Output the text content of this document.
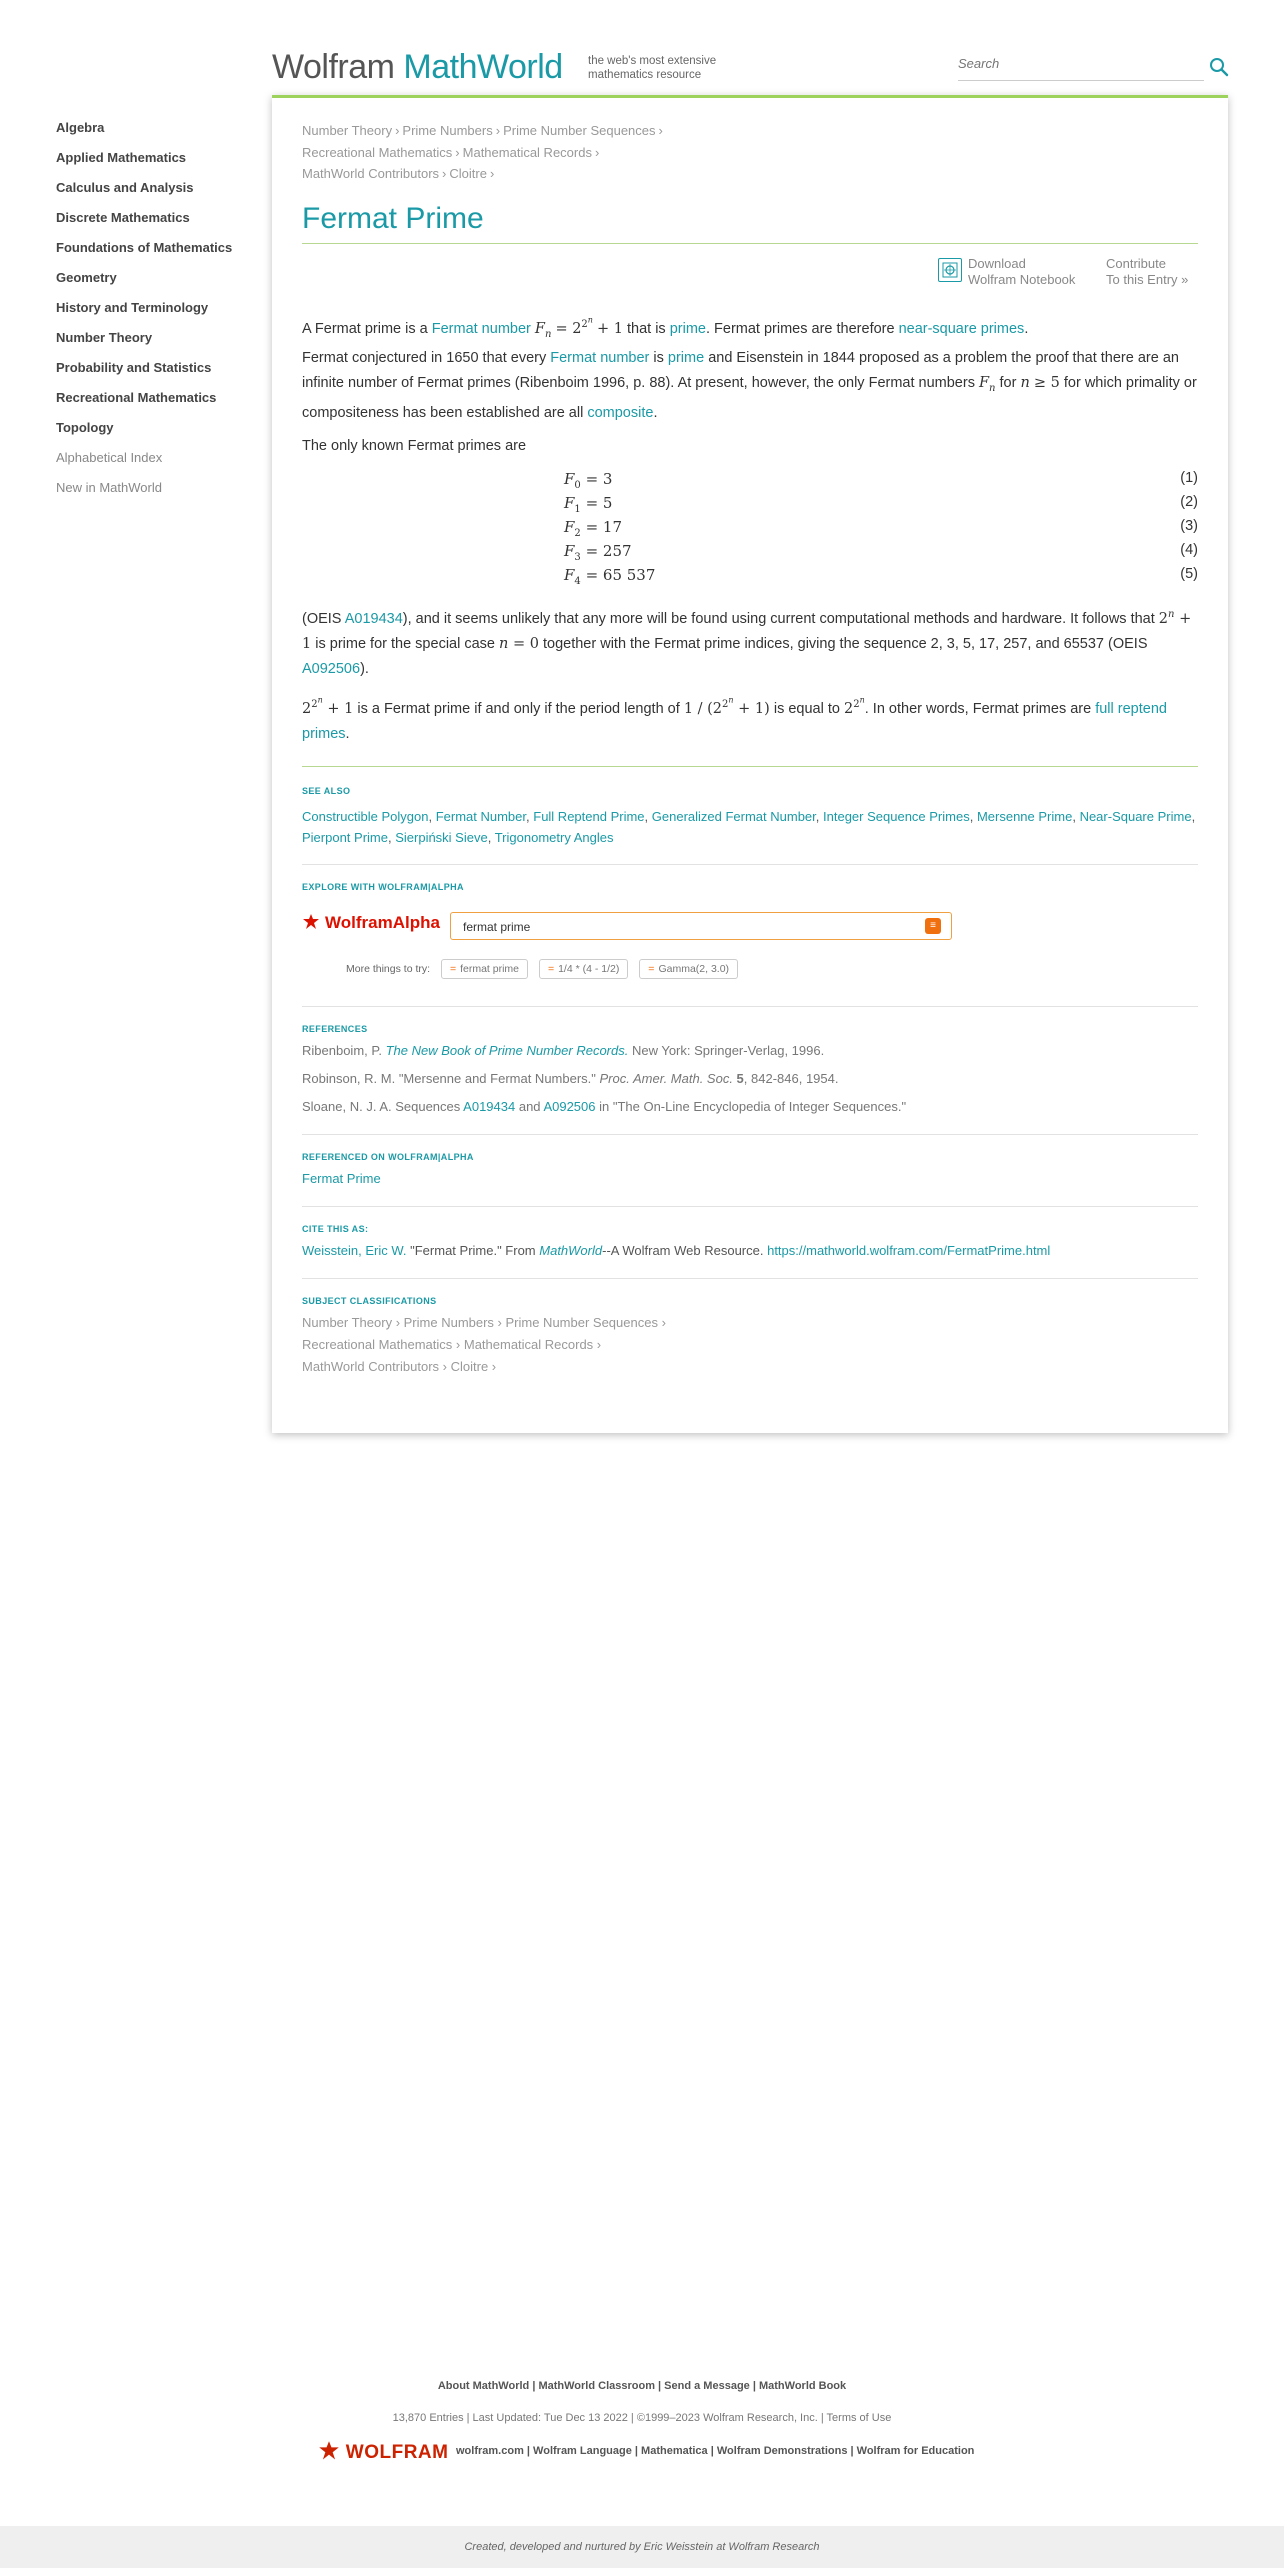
Wolfram MathWorld the web's most extensive mathematics resource
Search
Algebra
Applied Mathematics
Calculus and Analysis
Discrete Mathematics
Foundations of Mathematics
Geometry
History and Terminology
Number Theory
Probability and Statistics
Recreational Mathematics
Topology
Alphabetical Index
New in MathWorld
Number Theory › Prime Numbers › Prime Number Sequences ›
Recreational Mathematics › Mathematical Records ›
MathWorld Contributors › Cloitre ›
Fermat Prime
Download
Wolfram Notebook
Contribute
To this Entry »
A Fermat prime is a Fermat number $F_n = 2^{2^n} + 1$ that is prime. Fermat primes are therefore near-square primes.
Fermat conjectured in 1650 that every Fermat number is prime and Eisenstein in 1844 proposed as a problem the proof that there are an infinite number of Fermat primes (Ribenboim 1996, p. 88). At present, however, the only Fermat numbers $F_n$ for n ≥ 5 for which primality or compositeness has been established are all composite.
The only known Fermat primes are
$F_0 = 3$	(1)
$F_1 = 5$	(2)
$F_2 = 17$	(3)
$F_3 = 257$	(4)
$F_4 = 65$ 537	(5)
(OEIS A019434), and it seems unlikely that any more will be found using current computational methods and hardware. It follows that $2^n + 1$ is prime for the special case n = 0 together with the Fermat prime indices, giving the sequence 2, 3, 5, 17, 257, and 65537 (OEIS A092506).
$2^{2^n} + 1$ is a Fermat prime if and only if the period length of $1 / (2^{2^n} + 1)$ is equal to $2^{2^n}$. In other words, Fermat primes are full reptend primes.
SEE ALSO
Constructible Polygon, Fermat Number, Full Reptend Prime, Generalized Fermat Number, Integer Sequence Primes, Mersenne Prime, Near-Square Prime, Pierpont Prime, Sierpiński Sieve, Trigonometry Angles
EXPLORE WITH WOLFRAM|ALPHA
WolframAlpha
fermat prime	≡
More things to try: = fermat prime	= 1/4 * (4 - 1/2)	= Gamma(2, 3.0)
REFERENCES
Ribenboim, P. The New Book of Prime Number Records. New York: Springer-Verlag, 1996.
Robinson, R. M. "Mersenne and Fermat Numbers." Proc. Amer. Math. Soc. 5, 842-846, 1954.
Sloane, N. J. A. Sequences A019434 and A092506 in "The On-Line Encyclopedia of Integer Sequences."
REFERENCED ON WOLFRAM|ALPHA
Fermat Prime
CITE THIS AS:
Weisstein, Eric W. "Fermat Prime." From MathWorld--A Wolfram Web Resource. https://mathworld.wolfram.com/FermatPrime.html
SUBJECT CLASSIFICATIONS
Number Theory › Prime Numbers › Prime Number Sequences ›
Recreational Mathematics › Mathematical Records ›
MathWorld Contributors › Cloitre ›
About MathWorld | MathWorld Classroom | Send a Message | MathWorld Book
13,870 Entries | Last Updated: Tue Dec 13 2022 | ©1999–2023 Wolfram Research, Inc. | Terms of Use
WOLFRAM wolfram.com | Wolfram Language | Mathematica | Wolfram Demonstrations | Wolfram for Education
Created, developed and nurtured by Eric Weisstein at Wolfram Research
